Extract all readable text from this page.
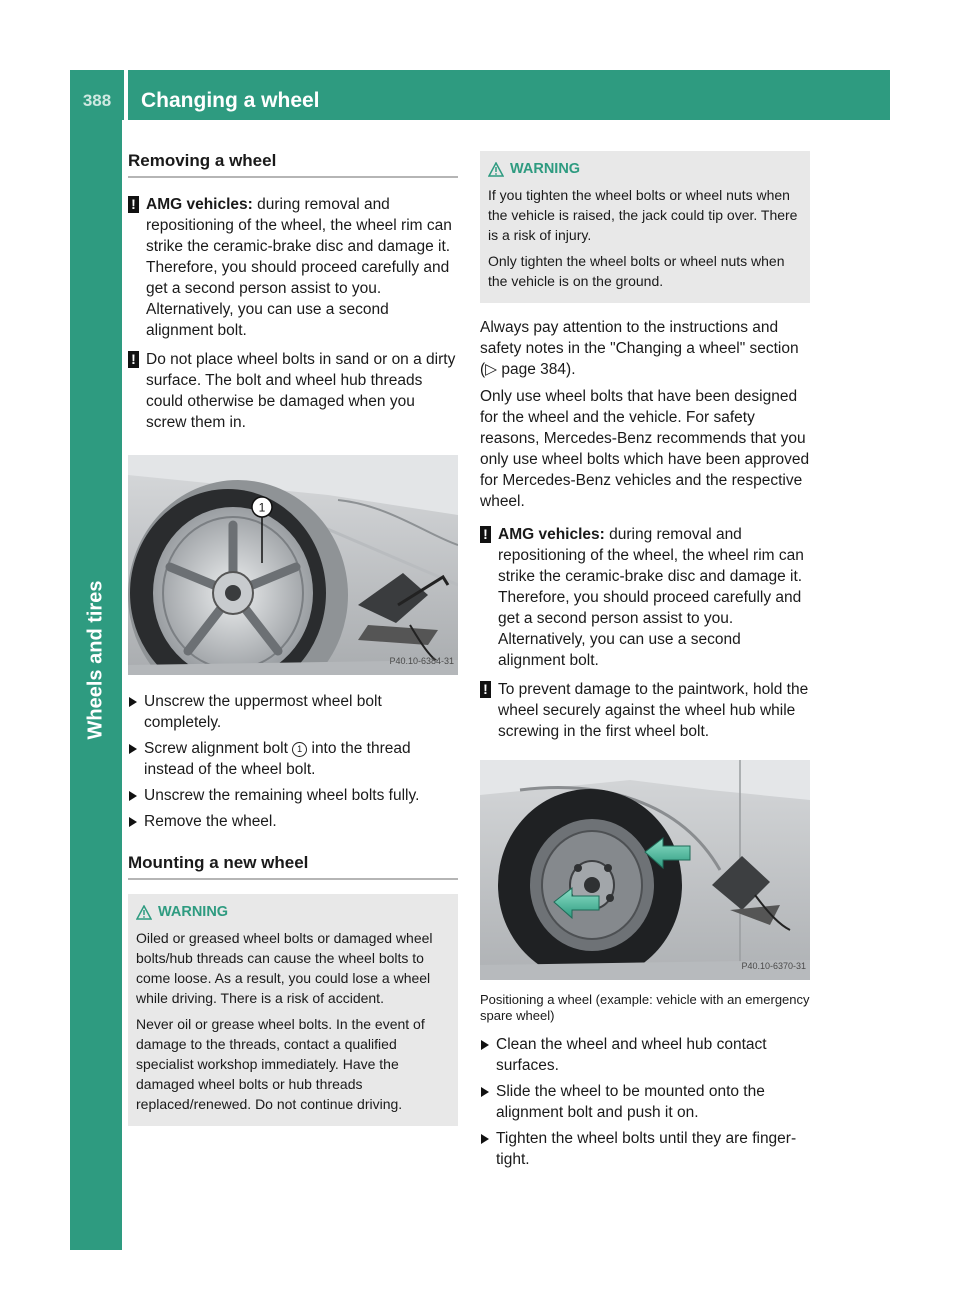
388	Changing a wheel
Wheels and tires
Removing a wheel

! AMG vehicles: during removal and repositioning of the wheel, the wheel rim can strike the ceramic-brake disc and damage it. Therefore, you should proceed carefully and get a second person assist to you. Alternatively, you can use a second alignment bolt.

! Do not place wheel bolts in sand or on a dirty surface. The bolt and wheel hub threads could otherwise be damaged when you screw them in.

1
P40.10-6384-31
Unscrew the uppermost wheel bolt completely.
Screw alignment bolt 1 into the thread instead of the wheel bolt.
Unscrew the remaining wheel bolts fully.
Remove the wheel.
Mounting a new wheel
WARNING

Oiled or greased wheel bolts or damaged wheel bolts/hub threads can cause the wheel bolts to come loose. As a result, you could lose a wheel while driving. There is a risk of accident.

Never oil or grease wheel bolts. In the event of damage to the threads, contact a qualified specialist workshop immediately. Have the damaged wheel bolts or hub threads replaced/renewed. Do not continue driving.

WARNING

If you tighten the wheel bolts or wheel nuts when the vehicle is raised, the jack could tip over. There is a risk of injury.

Only tighten the wheel bolts or wheel nuts when the vehicle is on the ground.

Always pay attention to the instructions and safety notes in the "Changing a wheel" section (▷ page 384).

Only use wheel bolts that have been designed for the wheel and the vehicle. For safety reasons, Mercedes-Benz recommends that you only use wheel bolts which have been approved for Mercedes-Benz vehicles and the respective wheel.

! AMG vehicles: during removal and repositioning of the wheel, the wheel rim can strike the ceramic-brake disc and damage it. Therefore, you should proceed carefully and get a second person assist to you. Alternatively, you can use a second alignment bolt.

! To prevent damage to the paintwork, hold the wheel securely against the wheel hub while screwing in the first wheel bolt.

P40.10-6370-31

Positioning a wheel (example: vehicle with an emergency spare wheel)

Clean the wheel and wheel hub contact surfaces.
Slide the wheel to be mounted onto the alignment bolt and push it on.
Tighten the wheel bolts until they are finger-tight.
